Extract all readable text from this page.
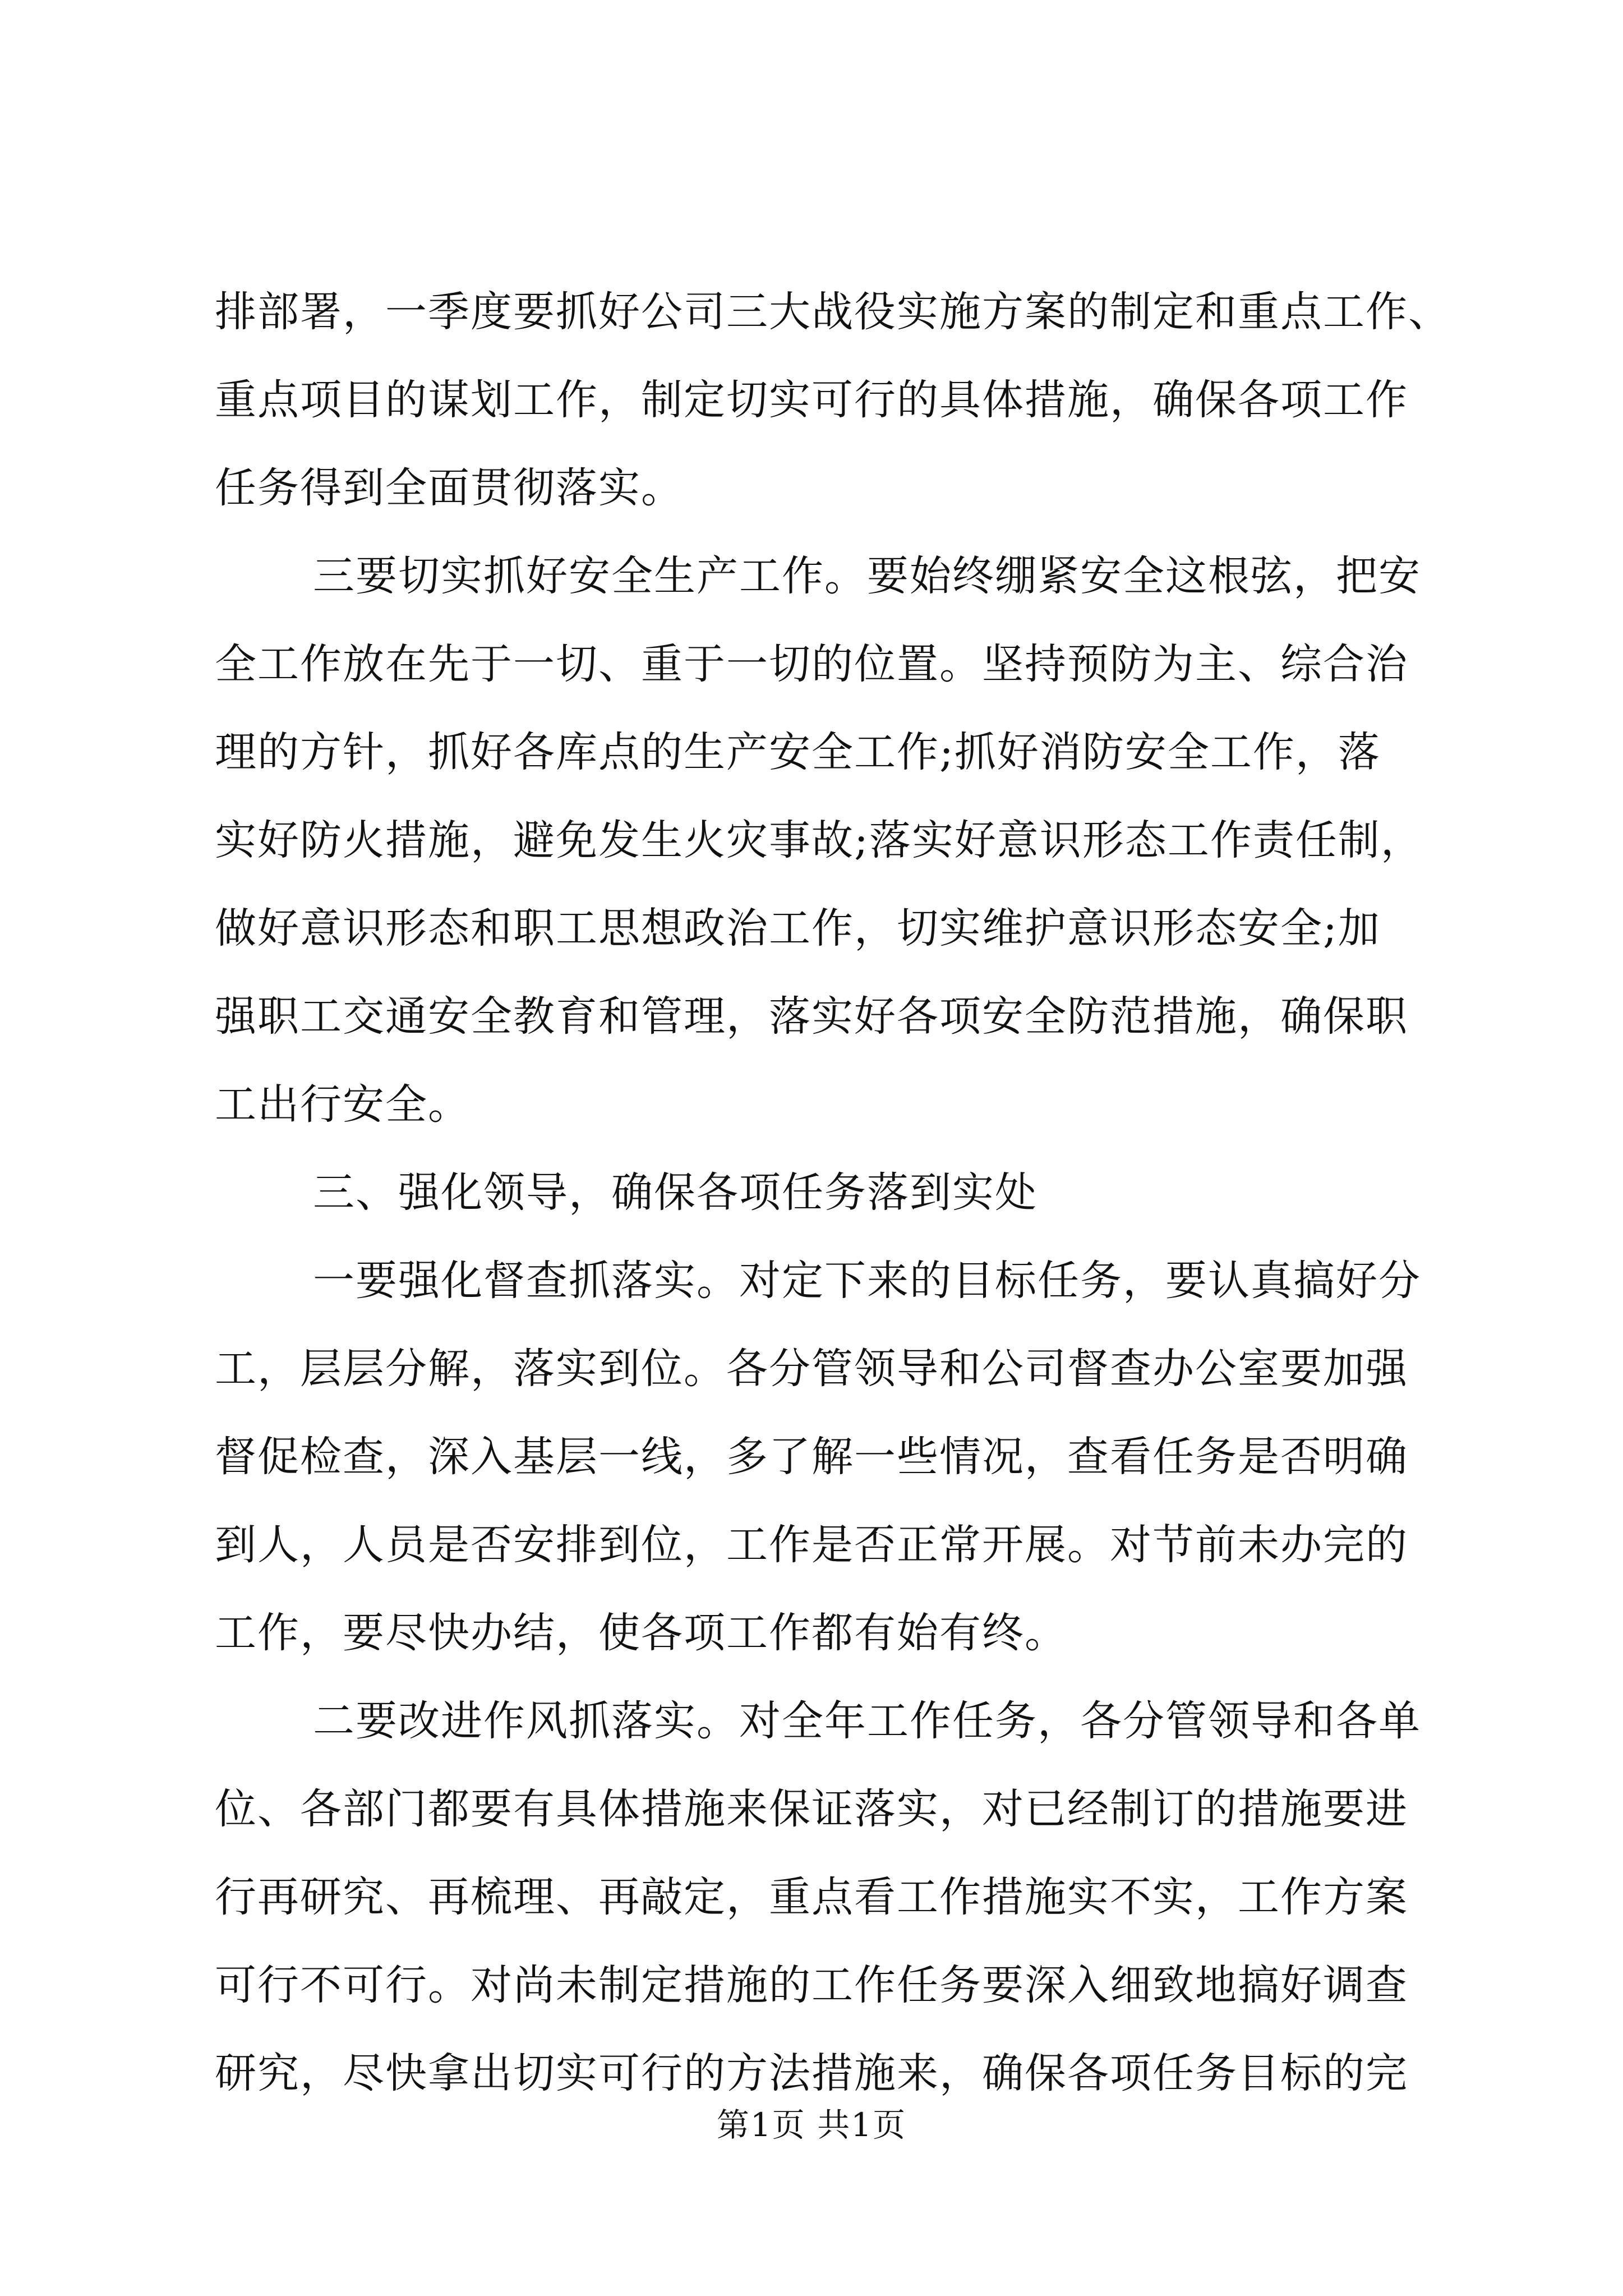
排部署，一季度要抓好公司三大战役实施方案的制定和重点工作、
重点项目的谋划工作，制定切实可行的具体措施，确保各项工作
任务得到全面贯彻落实。

三要切实抓好安全生产工作。要始终绷紧安全这根弦，把安
全工作放在先于一切、重于一切的位置。坚持预防为主、综合治
理的方针，抓好各库点的生产安全工作;抓好消防安全工作，落
实好防火措施，避免发生火灾事故;落实好意识形态工作责任制，
做好意识形态和职工思想政治工作，切实维护意识形态安全;加
强职工交通安全教育和管理，落实好各项安全防范措施，确保职
工出行安全。

三、强化领导，确保各项任务落到实处

一要强化督查抓落实。对定下来的目标任务，要认真搞好分
工，层层分解，落实到位。各分管领导和公司督查办公室要加强
督促检查，深入基层一线，多了解一些情况，查看任务是否明确
到人，人员是否安排到位，工作是否正常开展。对节前未办完的
工作，要尽快办结，使各项工作都有始有终。

二要改进作风抓落实。对全年工作任务，各分管领导和各单
位、各部门都要有具体措施来保证落实，对已经制订的措施要进
行再研究、再梳理、再敲定，重点看工作措施实不实，工作方案
可行不可行。对尚未制定措施的工作任务要深入细致地搞好调查
研究，尽快拿出切实可行的方法措施来，确保各项任务目标的完

第1页 共1页
